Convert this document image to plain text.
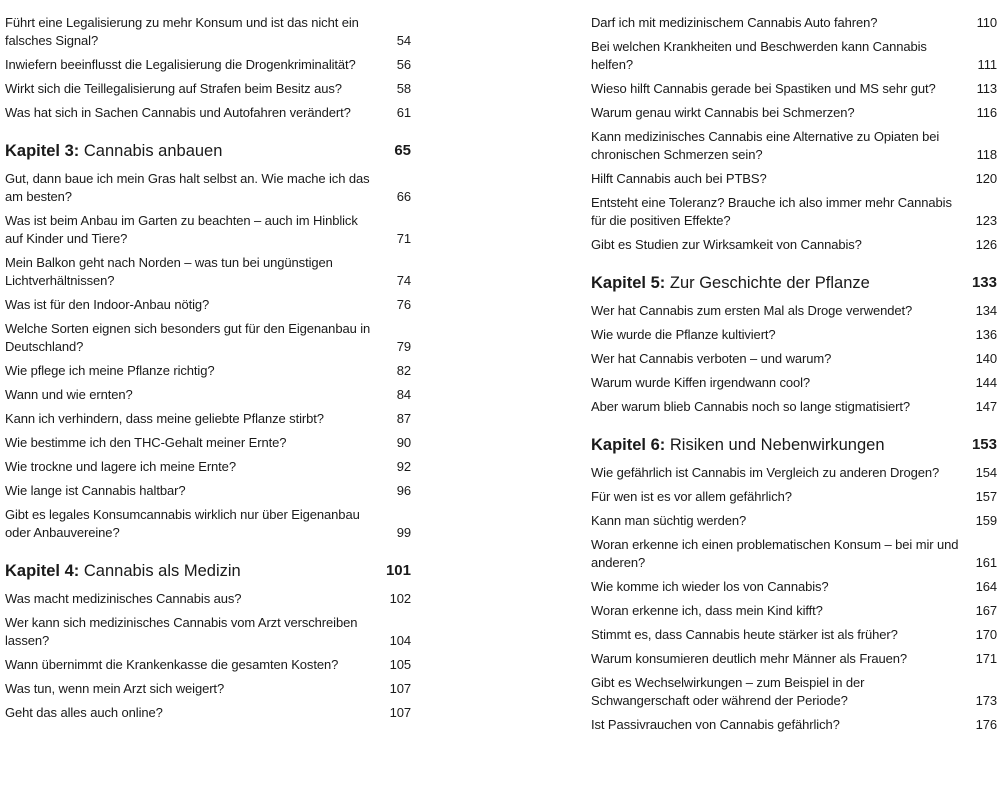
Führt eine Legalisierung zu mehr Konsum und ist das nicht ein falsches Signal?	54
Inwiefern beeinflusst die Legalisierung die Drogenkriminalität?	56
Wirkt sich die Teillegalisierung auf Strafen beim Besitz aus?	58
Was hat sich in Sachen Cannabis und Autofahren verändert?	61
Kapitel 3: Cannabis anbauen	65
Gut, dann baue ich mein Gras halt selbst an. Wie mache ich das am besten?	66
Was ist beim Anbau im Garten zu beachten – auch im Hinblick auf Kinder und Tiere?	71
Mein Balkon geht nach Norden – was tun bei ungünstigen Lichtverhältnissen?	74
Was ist für den Indoor-Anbau nötig?	76
Welche Sorten eignen sich besonders gut für den Eigenanbau in Deutschland?	79
Wie pflege ich meine Pflanze richtig?	82
Wann und wie ernten?	84
Kann ich verhindern, dass meine geliebte Pflanze stirbt?	87
Wie bestimme ich den THC-Gehalt meiner Ernte?	90
Wie trockne und lagere ich meine Ernte?	92
Wie lange ist Cannabis haltbar?	96
Gibt es legales Konsumcannabis wirklich nur über Eigenanbau oder Anbauvereine?	99
Kapitel 4: Cannabis als Medizin	101
Was macht medizinisches Cannabis aus?	102
Wer kann sich medizinisches Cannabis vom Arzt verschreiben lassen?	104
Wann übernimmt die Krankenkasse die gesamten Kosten?	105
Was tun, wenn mein Arzt sich weigert?	107
Geht das alles auch online?	107
Darf ich mit medizinischem Cannabis Auto fahren?	110
Bei welchen Krankheiten und Beschwerden kann Cannabis helfen?	111
Wieso hilft Cannabis gerade bei Spastiken und MS sehr gut?	113
Warum genau wirkt Cannabis bei Schmerzen?	116
Kann medizinisches Cannabis eine Alternative zu Opiaten bei chronischen Schmerzen sein?	118
Hilft Cannabis auch bei PTBS?	120
Entsteht eine Toleranz? Brauche ich also immer mehr Cannabis für die positiven Effekte?	123
Gibt es Studien zur Wirksamkeit von Cannabis?	126
Kapitel 5: Zur Geschichte der Pflanze	133
Wer hat Cannabis zum ersten Mal als Droge verwendet?	134
Wie wurde die Pflanze kultiviert?	136
Wer hat Cannabis verboten – und warum?	140
Warum wurde Kiffen irgendwann cool?	144
Aber warum blieb Cannabis noch so lange stigmatisiert?	147
Kapitel 6: Risiken und Nebenwirkungen	153
Wie gefährlich ist Cannabis im Vergleich zu anderen Drogen?	154
Für wen ist es vor allem gefährlich?	157
Kann man süchtig werden?	159
Woran erkenne ich einen problematischen Konsum – bei mir und anderen?	161
Wie komme ich wieder los von Cannabis?	164
Woran erkenne ich, dass mein Kind kifft?	167
Stimmt es, dass Cannabis heute stärker ist als früher?	170
Warum konsumieren deutlich mehr Männer als Frauen?	171
Gibt es Wechselwirkungen – zum Beispiel in der Schwangerschaft oder während der Periode?	173
Ist Passivrauchen von Cannabis gefährlich?	176
